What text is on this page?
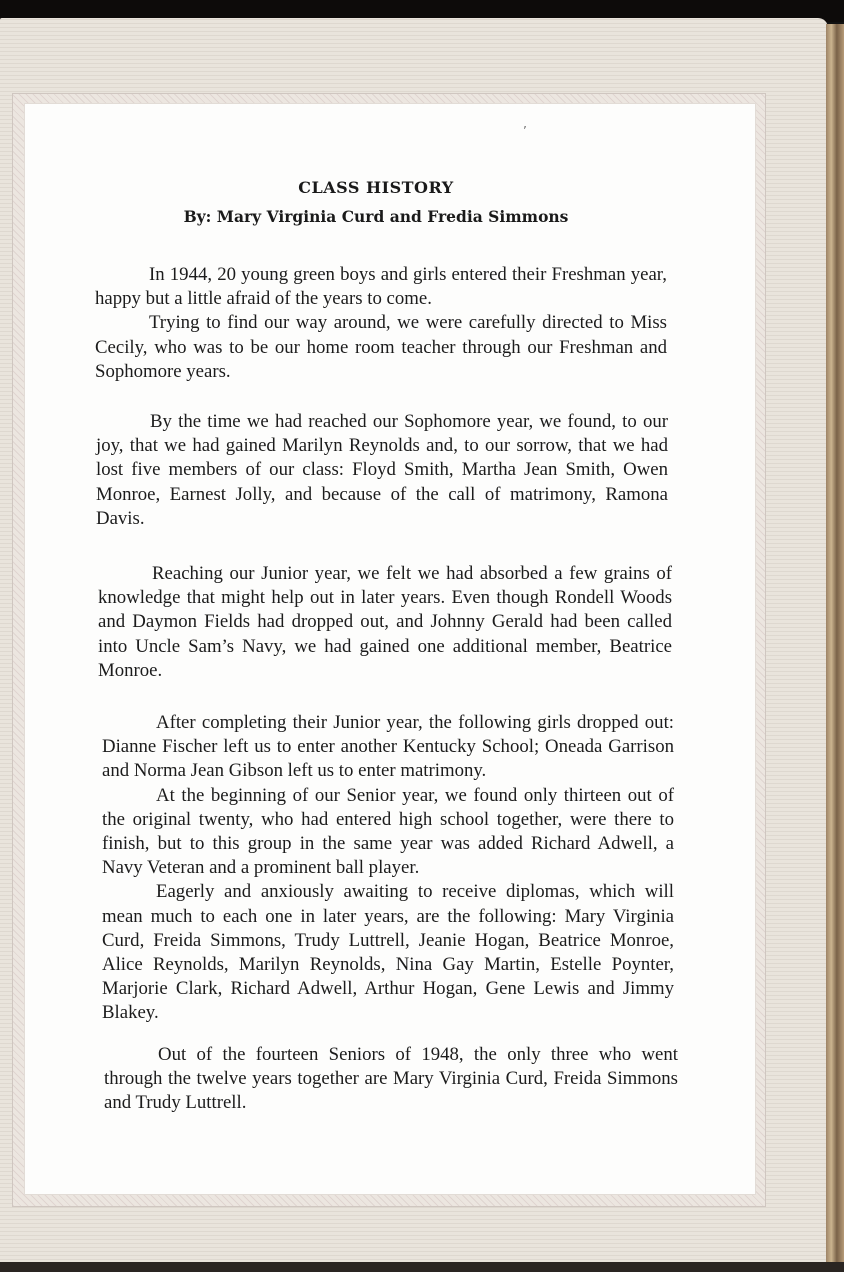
’
CLASS HISTORY
By: Mary Virginia Curd and Fredia Simmons
In 1944, 20 young green boys and girls entered their Freshman year, happy but a little afraid of the years to come.
Trying to find our way around, we were carefully directed to Miss Cecily, who was to be our home room teacher through our Freshman and Sophomore years.
By the time we had reached our Sophomore year, we found, to our joy, that we had gained Marilyn Reynolds and, to our sorrow, that we had lost five members of our class: Floyd Smith, Martha Jean Smith, Owen Monroe, Earnest Jolly, and because of the call of matrimony, Ramona Davis.
Reaching our Junior year, we felt we had absorbed a few grains of knowledge that might help out in later years. Even though Rondell Woods and Daymon Fields had dropped out, and Johnny Gerald had been called into Uncle Sam’s Navy, we had gained one additional member, Beatrice Monroe.
After completing their Junior year, the following girls dropped out: Dianne Fischer left us to enter another Kentucky School; Oneada Garrison and Norma Jean Gibson left us to enter matrimony.
At the beginning of our Senior year, we found only thirteen out of the original twenty, who had entered high school together, were there to finish, but to this group in the same year was added Richard Adwell, a Navy Veteran and a prominent ball player.
Eagerly and anxiously awaiting to receive diplomas, which will mean much to each one in later years, are the following: Mary Virginia Curd, Freida Simmons, Trudy Luttrell, Jeanie Hogan, Beatrice Monroe, Alice Reynolds, Marilyn Reynolds, Nina Gay Martin, Estelle Poynter, Marjorie Clark, Richard Adwell, Arthur Hogan, Gene Lewis and Jimmy Blakey.
Out of the fourteen Seniors of 1948, the only three who went through the twelve years together are Mary Virginia Curd, Freida Simmons and Trudy Luttrell.
